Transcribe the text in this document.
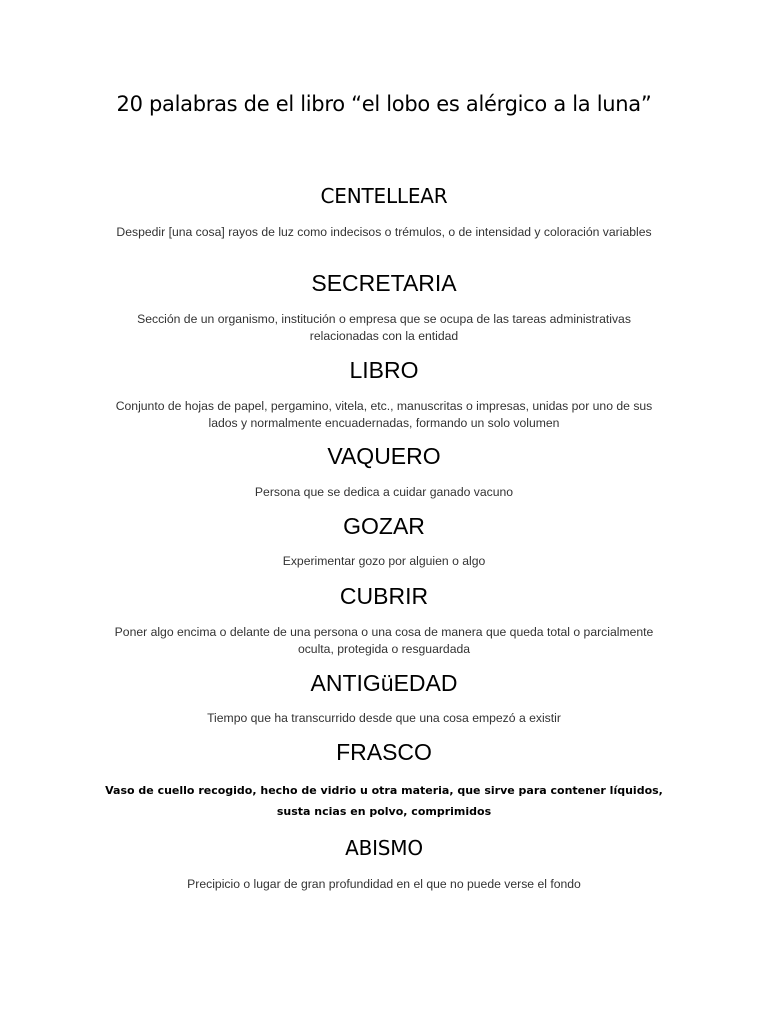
20 palabras de el libro “el lobo es alérgico a la luna”
CENTELLEAR

Despedir [una cosa] rayos de luz como indecisos o trémulos, o de intensidad y coloración variables

SECRETARIA

Sección de un organismo, institución o empresa que se ocupa de las tareas administrativas relacionadas con la entidad

LIBRO

Conjunto de hojas de papel, pergamino, vitela, etc., manuscritas o impresas, unidas por uno de sus lados y normalmente encuadernadas, formando un solo volumen

VAQUERO

Persona que se dedica a cuidar ganado vacuno

GOZAR

Experimentar gozo por alguien o algo

CUBRIR

Poner algo encima o delante de una persona o una cosa de manera que queda total o parcialmente oculta, protegida o resguardada

ANTIGüEDAD

Tiempo que ha transcurrido desde que una cosa empezó a existir

FRASCO

Vaso de cuello recogido, hecho de vidrio u otra materia, que sirve para contener líquidos, susta ncias en polvo, comprimidos

ABISMO

Precipicio o lugar de gran profundidad en el que no puede verse el fondo
